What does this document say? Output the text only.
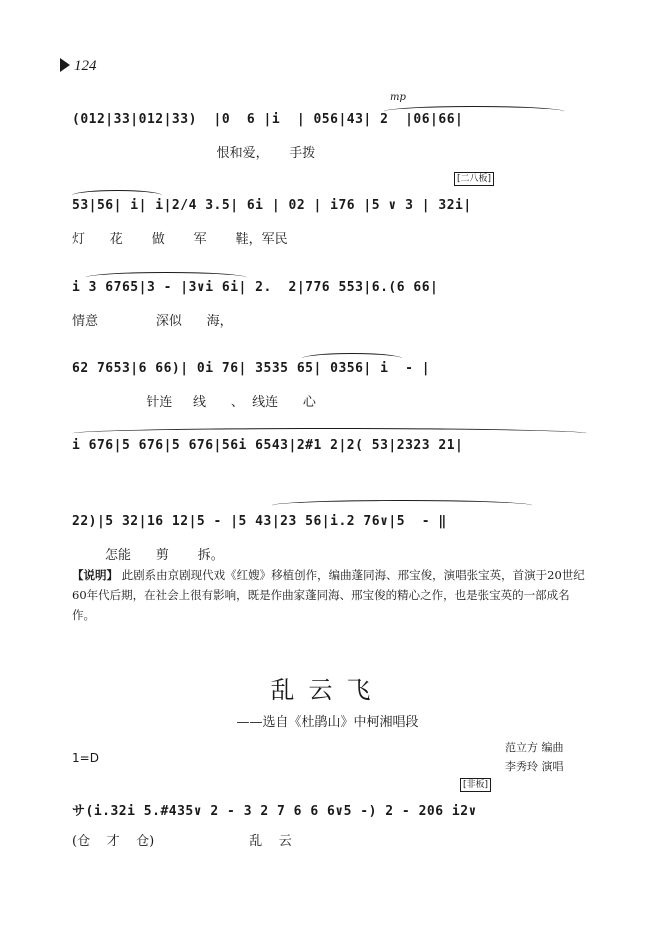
124
mp
(012|33|012|33)  |0  6 |i  | 056|43| 2  |06|66|
恨和爱，     手拨
[二八板]
53|56| i| i|2/4 3.5| 6i | 02 | i76 |5 ∨ 3 | 32i|
灯      花       做       军       鞋，军民
i 3 6765|3 - |3∨i 6i| 2.  2|776 553|6.(6 66|
情意              深似      海，
62 7653|6 66)| 0i 76| 3535 65| 0356| i  - |
针连     线      、  线连      心
i 676|5 676|5 676|56i 6543|2#1 2|2( 53|2323 21|
22)|5 32|16 12|5 - |5 43|23 56|i.2 76∨|5  - ‖
怎能      剪       拆。
【说明】 此剧系由京剧现代戏《红嫂》移植创作，编曲蓬同海、邢宝俊，演唱张宝英，首演于20世纪60年代后期，在社会上很有影响，既是作曲家蓬同海、邢宝俊的精心之作，也是张宝英的一部成名作。
乱云飞
——选自《杜鹃山》中柯湘唱段
范立方 编曲
李秀玲 演唱
1=D
[非板]
サ(i.32i 5.#435∨ 2 - 3 2 7 6 6 6∨5 -) 2 - 206 i2∨
(仓    才    仓)                       乱    云
